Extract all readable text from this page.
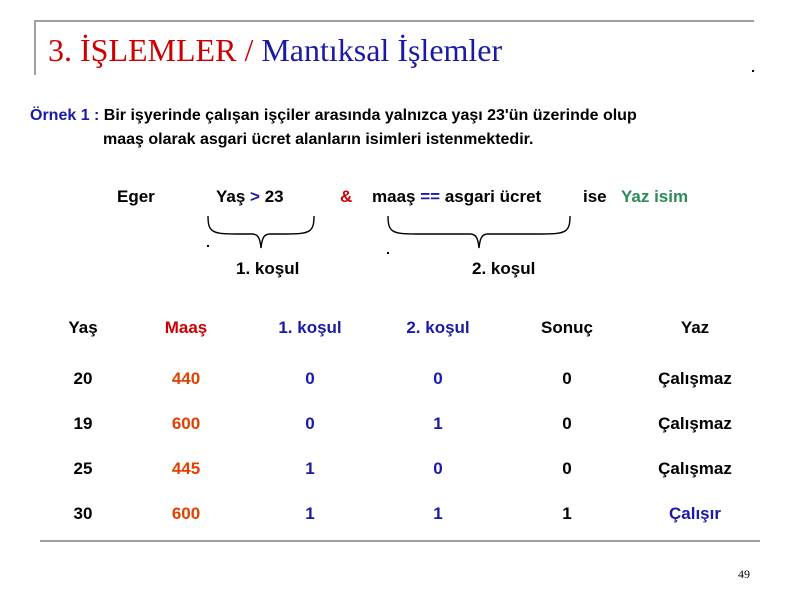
3. İŞLEMLER / Mantıksal İşlemler
Örnek 1 : Bir işyerinde çalışan işçiler arasında yalnızca yaşı 23'ün üzerinde olup
maaş olarak asgari ücret alanların isimleri istenmektedir.
Eger	Yaş > 23	& maaş == asgari ücret ise Yaz isim
1. koşul	2. koşul
Yaş	Maaş	1. koşul	2. koşul	Sonuç	Yaz
20	440	0	0	0	Çalışmaz
19	600	0	1	0	Çalışmaz
25	445	1	0	0	Çalışmaz
30	600	1	1	1	Çalışır
49
